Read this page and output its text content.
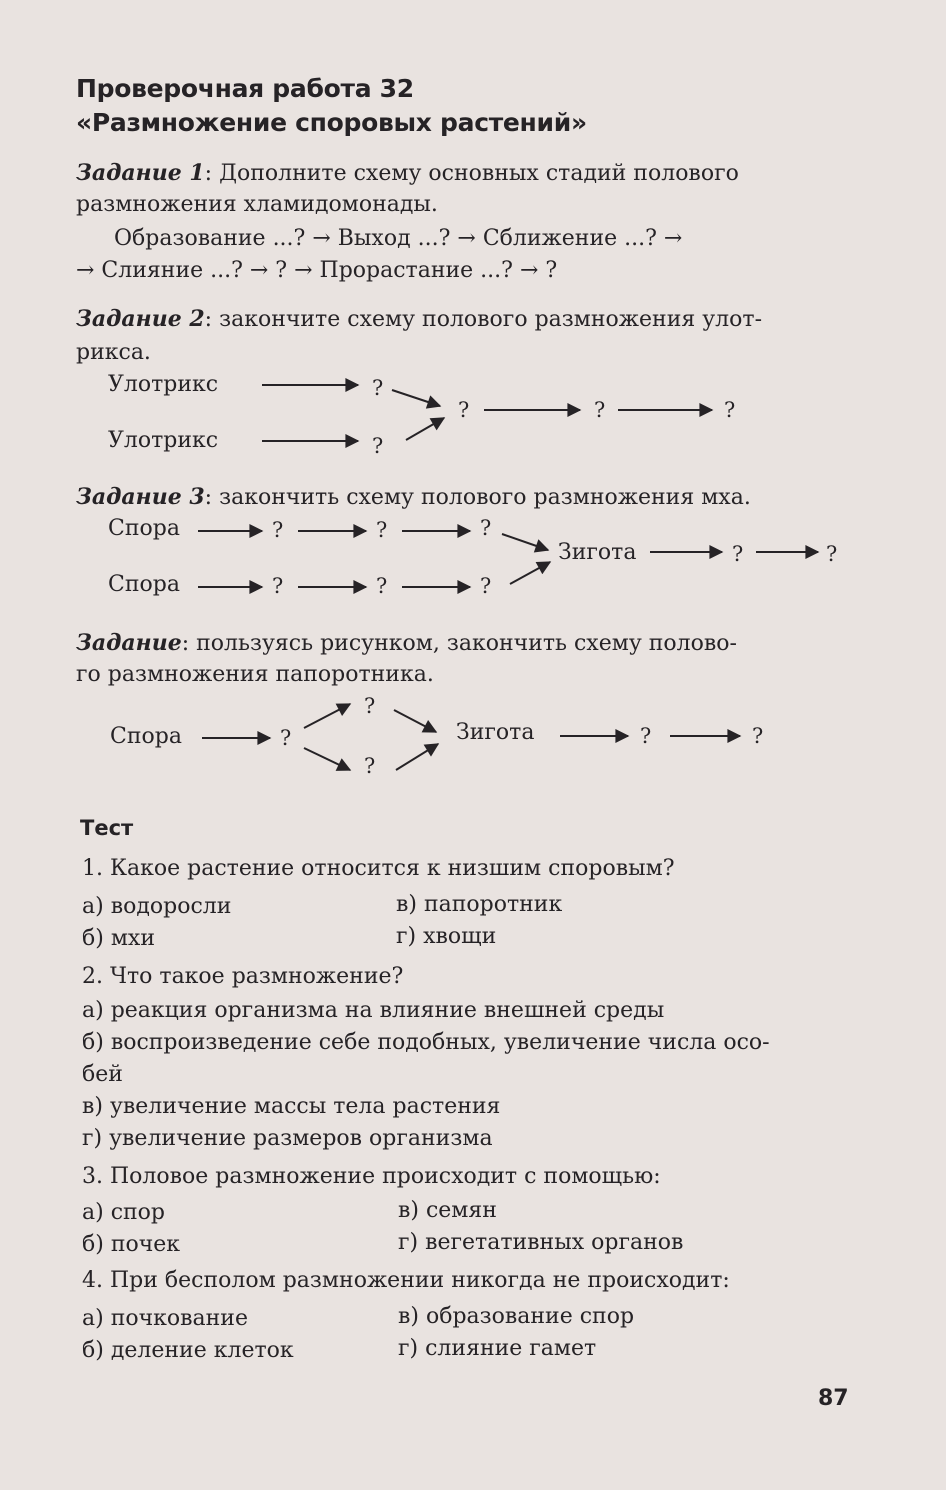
Проверочная работа 32
«Размножение споровых растений»
Задание 1: Дополните схему основных стадий полового
размножения хламидомонады.
Образование ...? → Выход ...? → Сближение ...? →
→ Слияние ...? → ? → Прорастание ...? → ?
Задание 2: закончите схему полового размножения улот-
рикса.
Улотрикс
Улотрикс
?
?
?	?	?
Задание 3: закончить схему полового размножения мха.
Спора
Спора
?	?	?
?	?	?
Зигота	?	?
Задание: пользуясь рисунком, закончить схему полово-
го размножения папоротника.
Спора	?
?
?
Зигота	?	?
Тест
1. Какое растение относится к низшим споровым?
а) водоросли	в) папоротник
б) мхи	г) хвощи
2. Что такое размножение?
а) реакция организма на влияние внешней среды
б) воспроизведение себе подобных, увеличение числа осо-
бей
в) увеличение массы тела растения
г) увеличение размеров организма
3. Половое размножение происходит с помощью:
а) спор	в) семян
б) почек	г) вегетативных органов
4. При бесполом размножении никогда не происходит:
а) почкование	в) образование спор
б) деление клеток	г) слияние гамет
87
